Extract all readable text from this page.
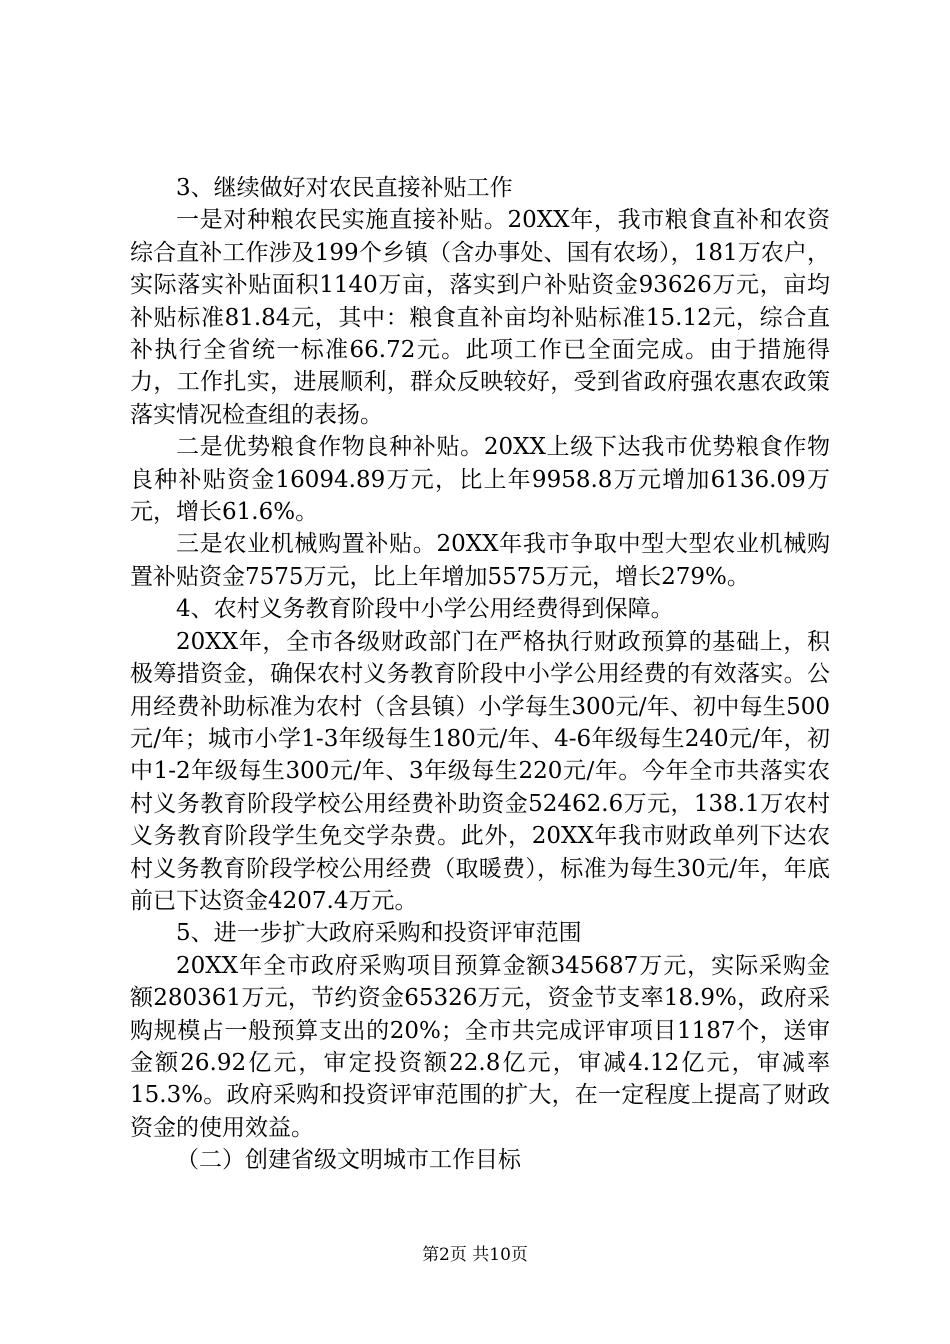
3、继续做好对农民直接补贴工作

一是对种粮农民实施直接补贴。20XX年，我市粮食直补和农资综合直补工作涉及199个乡镇（含办事处、国有农场），181万农户，实际落实补贴面积1140万亩，落实到户补贴资金93626万元，亩均补贴标准81.84元，其中：粮食直补亩均补贴标准15.12元，综合直补执行全省统一标准66.72元。此项工作已全面完成。由于措施得力，工作扎实，进展顺利，群众反映较好，受到省政府强农惠农政策落实情况检查组的表扬。

二是优势粮食作物良种补贴。20XX上级下达我市优势粮食作物良种补贴资金16094.89万元，比上年9958.8万元增加6136.09万元，增长61.6%。

三是农业机械购置补贴。20XX年我市争取中型大型农业机械购置补贴资金7575万元，比上年增加5575万元，增长279%。

4、农村义务教育阶段中小学公用经费得到保障。

20XX年，全市各级财政部门在严格执行财政预算的基础上，积极筹措资金，确保农村义务教育阶段中小学公用经费的有效落实。公用经费补助标准为农村（含县镇）小学每生300元/年、初中每生500元/年；城市小学1-3年级每生180元/年、4-6年级每生240元/年，初中1-2年级每生300元/年、3年级每生220元/年。今年全市共落实农村义务教育阶段学校公用经费补助资金52462.6万元，138.1万农村义务教育阶段学生免交学杂费。此外，20XX年我市财政单列下达农村义务教育阶段学校公用经费（取暖费），标准为每生30元/年，年底前已下达资金4207.4万元。

5、进一步扩大政府采购和投资评审范围

20XX年全市政府采购项目预算金额345687万元，实际采购金额280361万元，节约资金65326万元，资金节支率18.9%，政府采购规模占一般预算支出的20%；全市共完成评审项目1187个，送审金额26.92亿元，审定投资额22.8亿元，审减4.12亿元，审减率15.3%。政府采购和投资评审范围的扩大，在一定程度上提高了财政资金的使用效益。

（二）创建省级文明城市工作目标

第2页 共10页
